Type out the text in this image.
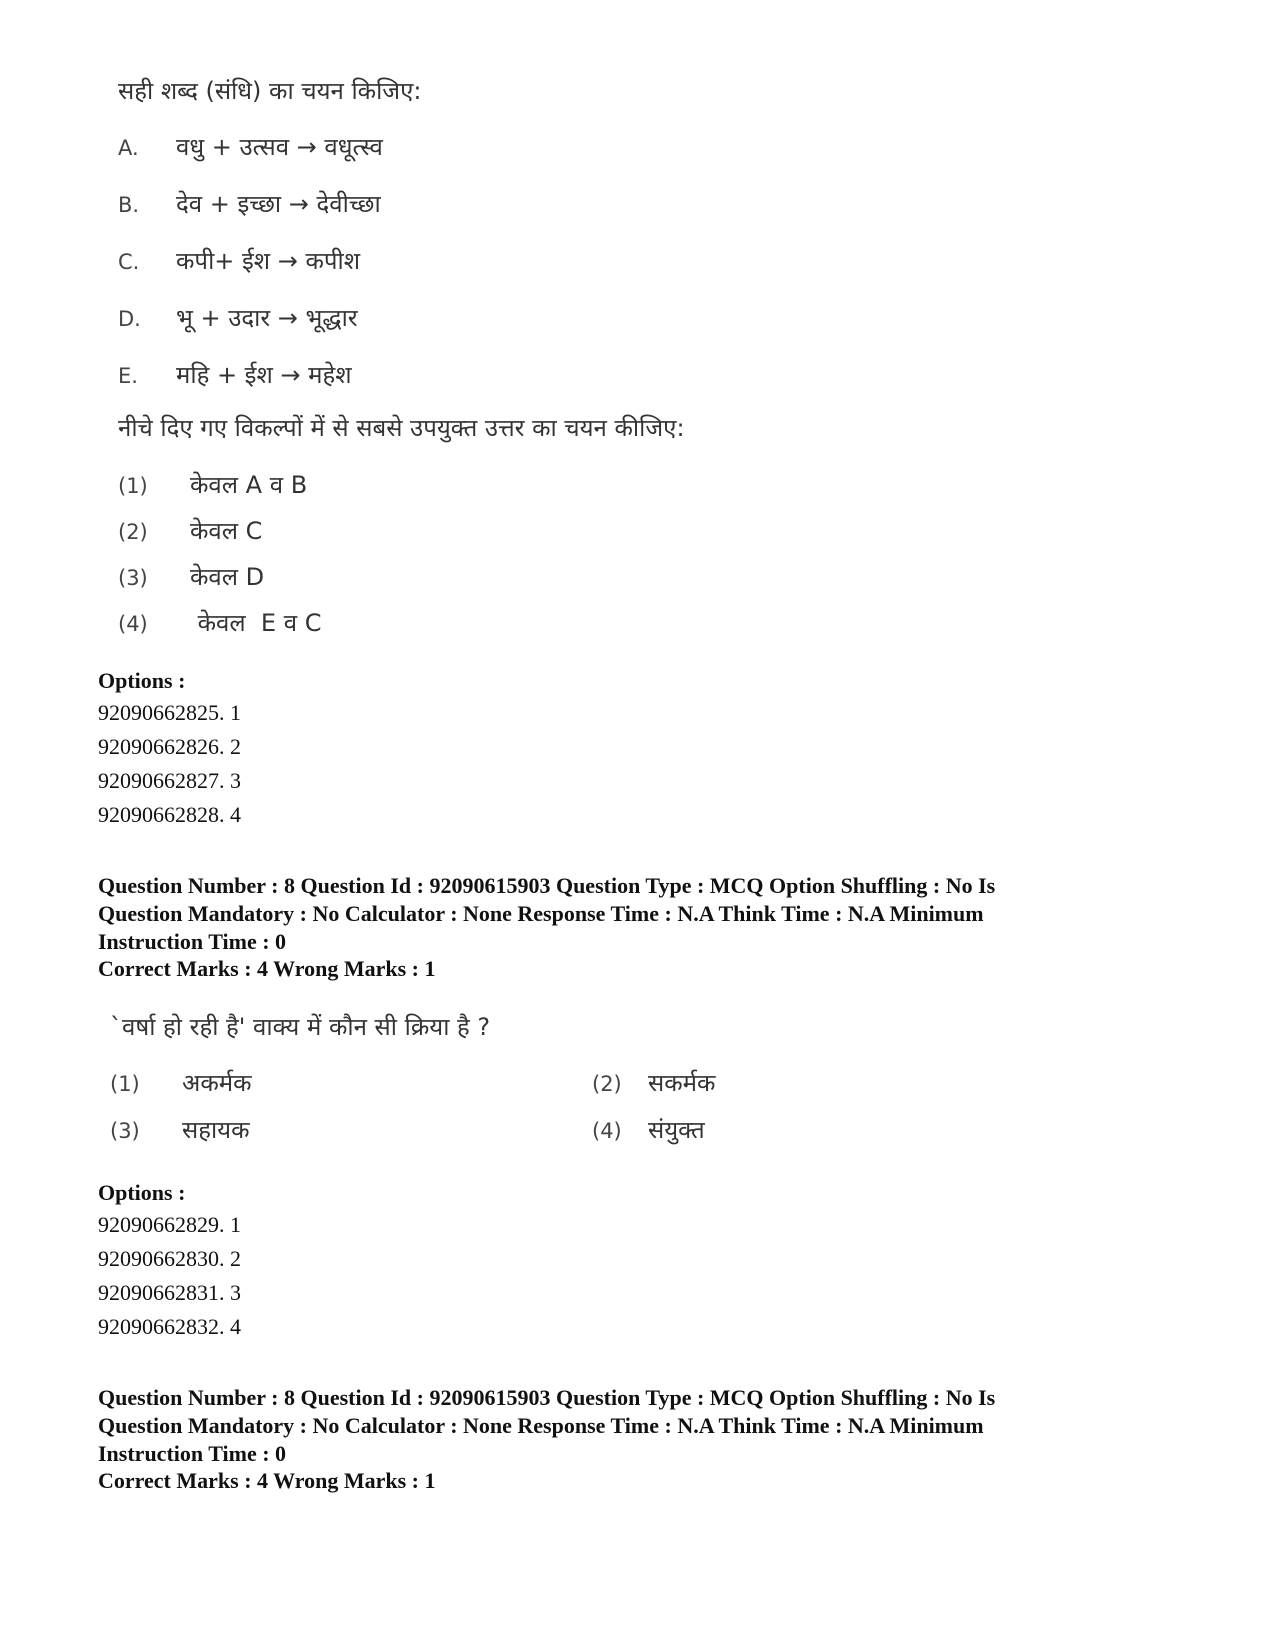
सही शब्द (संधि) का चयन किजिए:
A. वधु + उत्सव → वधूत्स्व
B. देव + इच्छा → देवीच्छा
C. कपी+ ईश → कपीश
D. भू + उदार → भूद्धार
E. महि + ईश → महेश
नीचे दिए गए विकल्पों में से सबसे उपयुक्त उत्तर का चयन कीजिए:
(1) केवल A व B
(2) केवल C
(3) केवल D
(4) केवल  E व C
Options :
92090662825. 1
92090662826. 2
92090662827. 3
92090662828. 4
Question Number : 8 Question Id : 92090615903 Question Type : MCQ Option Shuffling : No Is
Question Mandatory : No Calculator : None Response Time : N.A Think Time : N.A Minimum
Instruction Time : 0
Correct Marks : 4 Wrong Marks : 1
`वर्षा हो रही है' वाक्य में कौन सी क्रिया है ?
(1) अकर्मक	(2) सकर्मक
(3) सहायक	(4) संयुक्त
Options :
92090662829. 1
92090662830. 2
92090662831. 3
92090662832. 4
Question Number : 8 Question Id : 92090615903 Question Type : MCQ Option Shuffling : No Is
Question Mandatory : No Calculator : None Response Time : N.A Think Time : N.A Minimum
Instruction Time : 0
Correct Marks : 4 Wrong Marks : 1
